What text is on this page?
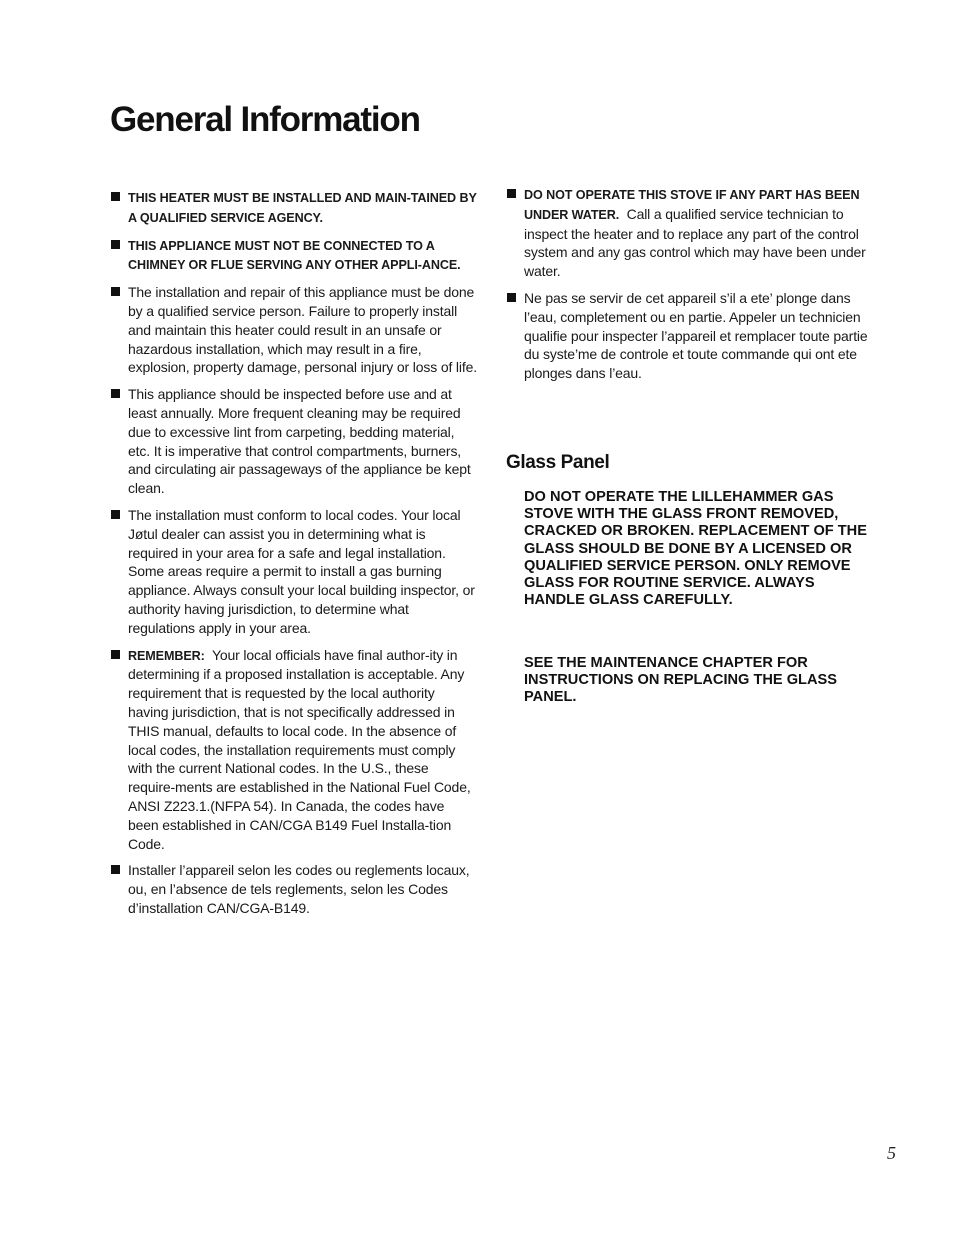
General Information
THIS HEATER MUST BE INSTALLED AND MAIN-TAINED BY A QUALIFIED SERVICE AGENCY.
THIS APPLIANCE MUST NOT BE CONNECTED TO A CHIMNEY OR FLUE SERVING ANY OTHER APPLI-ANCE.
The installation and repair of this appliance must be done by a qualified service person. Failure to properly install and maintain this heater could result in an unsafe or hazardous installation, which may result in a fire, explosion, property damage, personal injury or loss of life.
This appliance should be inspected before use and at least annually. More frequent cleaning may be required due to excessive lint from carpeting, bedding material, etc. It is imperative that control compartments, burners, and circulating air passageways of the appliance be kept clean.
The installation must conform to local codes. Your local Jøtul dealer can assist you in determining what is required in your area for a safe and legal installation. Some areas require a permit to install a gas burning appliance. Always consult your local building inspector, or authority having jurisdiction, to determine what regulations apply in your area.
REMEMBER: Your local officials have final author-ity in determining if a proposed installation is acceptable. Any requirement that is requested by the local authority having jurisdiction, that is not specifically addressed in THIS manual, defaults to local code. In the absence of local codes, the installation requirements must comply with the current National codes. In the U.S., these require-ments are established in the National Fuel Code, ANSI Z223.1.(NFPA 54). In Canada, the codes have been established in CAN/CGA B149 Fuel Installa-tion Code.
Installer l’appareil selon les codes ou reglements locaux, ou, en l’absence de tels reglements, selon les Codes d’installation CAN/CGA-B149.
DO NOT OPERATE THIS STOVE IF ANY PART HAS BEEN UNDER WATER. Call a qualified service technician to inspect the heater and to replace any part of the control system and any gas control which may have been under water.
Ne pas se servir de cet appareil s’il a ete’ plonge dans l’eau, completement ou en partie. Appeler un technicien qualifie pour inspecter l’appareil et remplacer toute partie du syste’me de controle et toute commande qui ont ete plonges dans l’eau.
Glass Panel

DO NOT OPERATE THE LILLEHAMMER GAS STOVE WITH THE GLASS FRONT REMOVED, CRACKED OR BROKEN. REPLACEMENT OF THE GLASS SHOULD BE DONE BY A LICENSED OR QUALIFIED SERVICE PERSON. ONLY REMOVE GLASS FOR ROUTINE SERVICE. ALWAYS HANDLE GLASS CAREFULLY.

SEE THE MAINTENANCE CHAPTER FOR INSTRUCTIONS ON REPLACING THE GLASS PANEL.

5
